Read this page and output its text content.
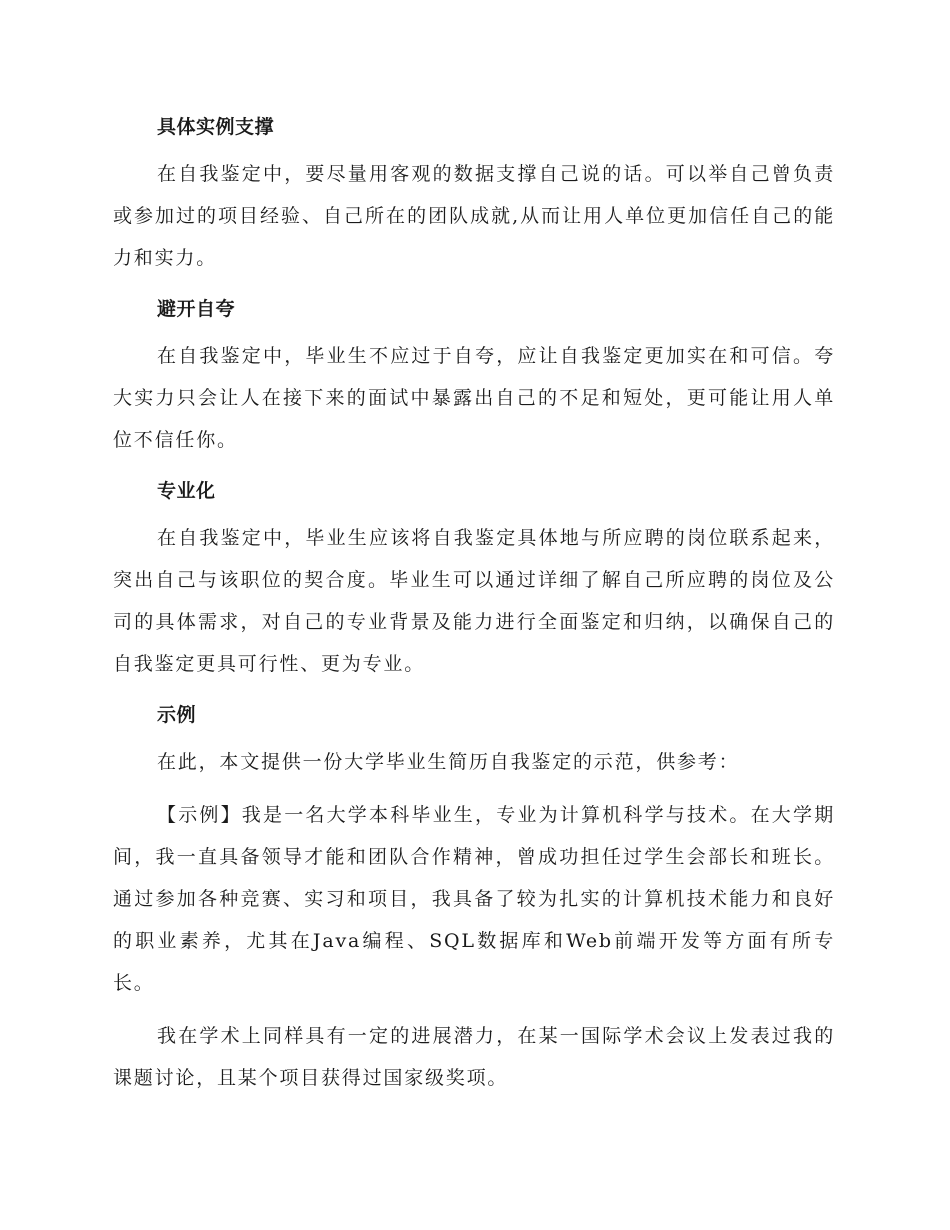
具体实例支撑

在自我鉴定中，要尽量用客观的数据支撑自己说的话。可以举自己曾负责或参加过的项目经验、自己所在的团队成就,从而让用人单位更加信任自己的能力和实力。

避开自夸

在自我鉴定中，毕业生不应过于自夸，应让自我鉴定更加实在和可信。夸大实力只会让人在接下来的面试中暴露出自己的不足和短处，更可能让用人单位不信任你。

专业化

在自我鉴定中，毕业生应该将自我鉴定具体地与所应聘的岗位联系起来，突出自己与该职位的契合度。毕业生可以通过详细了解自己所应聘的岗位及公司的具体需求，对自己的专业背景及能力进行全面鉴定和归纳，以确保自己的自我鉴定更具可行性、更为专业。

示例

在此，本文提供一份大学毕业生简历自我鉴定的示范，供参考：

【示例】我是一名大学本科毕业生，专业为计算机科学与技术。在大学期间，我一直具备领导才能和团队合作精神，曾成功担任过学生会部长和班长。通过参加各种竞赛、实习和项目，我具备了较为扎实的计算机技术能力和良好的职业素养，尤其在Java编程、SQL数据库和Web前端开发等方面有所专长。

我在学术上同样具有一定的进展潜力，在某一国际学术会议上发表过我的课题讨论，且某个项目获得过国家级奖项。
